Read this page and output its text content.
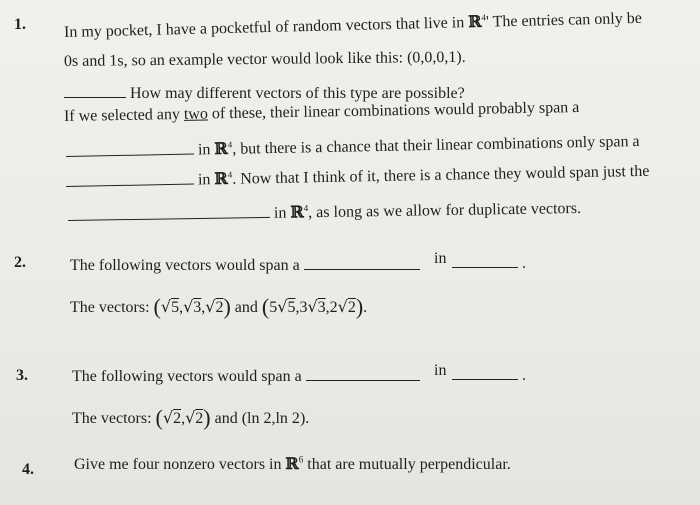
1. In my pocket, I have a pocketful of random vectors that live in ℝ$^4$' The entries can only be
0s and 1s, so an example vector would look like this: (0,0,0,1).
How may different vectors of this type are possible?
If we selected any two of these, their linear combinations would probably span a
in ℝ$^4$, but there is a chance that their linear combinations only span a
in ℝ$^4$. Now that I think of it, there is a chance they would span just the
in ℝ$^4$, as long as we allow for duplicate vectors.
2.	The following vectors would span a	in	.
The vectors: (√5,√3,√2) and (5√5,3√3,2√2).
3.	The following vectors would span a	in	.
The vectors: (√2,√2) and (ln 2,ln 2).
4.	Give me four nonzero vectors in ℝ$^6$ that are mutually perpendicular.
